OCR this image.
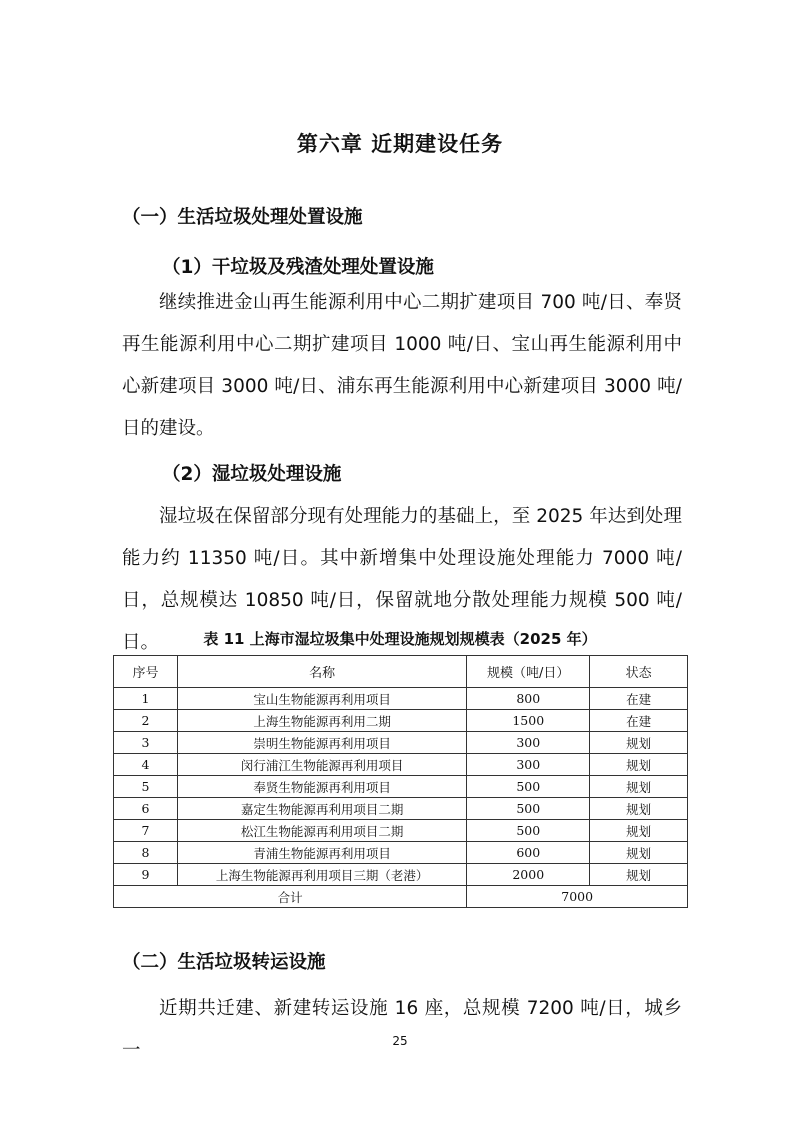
第六章 近期建设任务
（一）生活垃圾处理处置设施
（1）干垃圾及残渣处理处置设施

继续推进金山再生能源利用中心二期扩建项目 700 吨/日、奉贤再生能源利用中心二期扩建项目 1000 吨/日、宝山再生能源利用中心新建项目 3000 吨/日、浦东再生能源利用中心新建项目 3000 吨/日的建设。

（2）湿垃圾处理设施

湿垃圾在保留部分现有处理能力的基础上，至 2025 年达到处理能力约 11350 吨/日。其中新增集中处理设施处理能力 7000 吨/日，总规模达 10850 吨/日，保留就地分散处理能力规模 500 吨/日。	表 11 上海市湿垃圾集中处理设施规划规模表（2025 年）
序号	名称	规模（吨/日）	状态
1	宝山生物能源再利用项目	800	在建
2	上海生物能源再利用二期	1500	在建
3	崇明生物能源再利用项目	300	规划
4	闵行浦江生物能源再利用项目	300	规划
5	奉贤生物能源再利用项目	500	规划
6	嘉定生物能源再利用项目二期	500	规划
7	松江生物能源再利用项目二期	500	规划
8	青浦生物能源再利用项目	600	规划
9	上海生物能源再利用项目三期（老港）	2000	规划
合计		7000	
（二）生活垃圾转运设施

近期共迁建、新建转运设施 16 座，总规模 7200 吨/日，城乡一	25
